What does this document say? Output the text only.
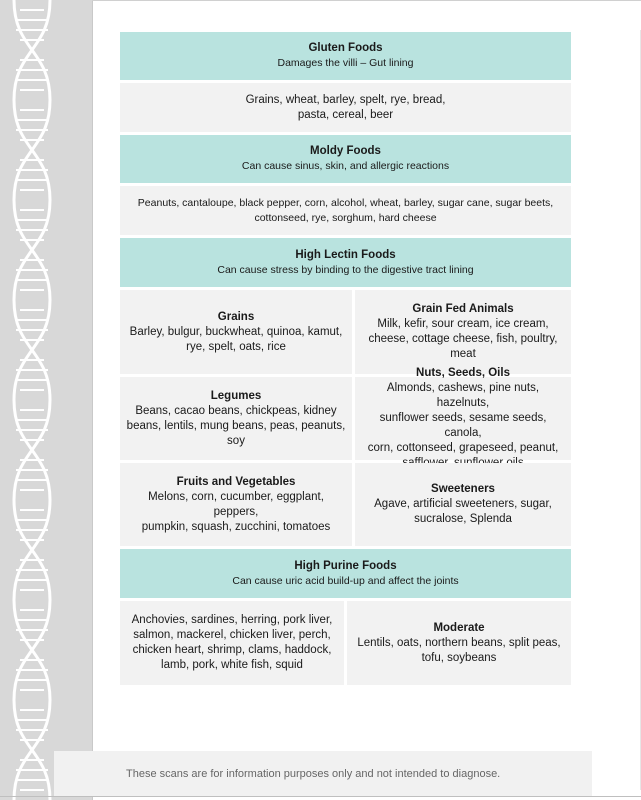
Gluten Foods
Damages the villi – Gut lining
Grains, wheat, barley, spelt, rye, bread,
pasta, cereal, beer
Moldy Foods
Can cause sinus, skin, and allergic reactions
Peanuts, cantaloupe, black pepper, corn, alcohol, wheat, barley, sugar cane, sugar beets,
cottonseed, rye, sorghum, hard cheese
High Lectin Foods
Can cause stress by binding to the digestive tract lining
Grains
Barley, bulgur, buckwheat, quinoa, kamut,
rye, spelt, oats, rice
Grain Fed Animals
Milk, kefir, sour cream, ice cream,
cheese, cottage cheese, fish, poultry,
meat
Legumes
Beans, cacao beans, chickpeas, kidney
beans, lentils, mung beans, peas, peanuts,
soy
Nuts, Seeds, Oils
Almonds, cashews, pine nuts, hazelnuts,
sunflower seeds, sesame seeds, canola,
corn, cottonseed, grapeseed, peanut,
Fruits and Vegetables
Melons, corn, cucumber, eggplant, peppers,
pumpkin, squash, zucchini, tomatoes
Sweeteners
Agave, artificial sweeteners, sugar,
sucralose, Splenda
High Purine Foods
Can cause uric acid build-up and affect the joints
Anchovies, sardines, herring, pork liver,
salmon, mackerel, chicken liver, perch,
chicken heart, shrimp, clams, haddock,
lamb, pork, white fish, squid
Moderate
Lentils, oats, northern beans, split peas,
tofu, soybeans
These scans are for information purposes only and not intended to diagnose.
